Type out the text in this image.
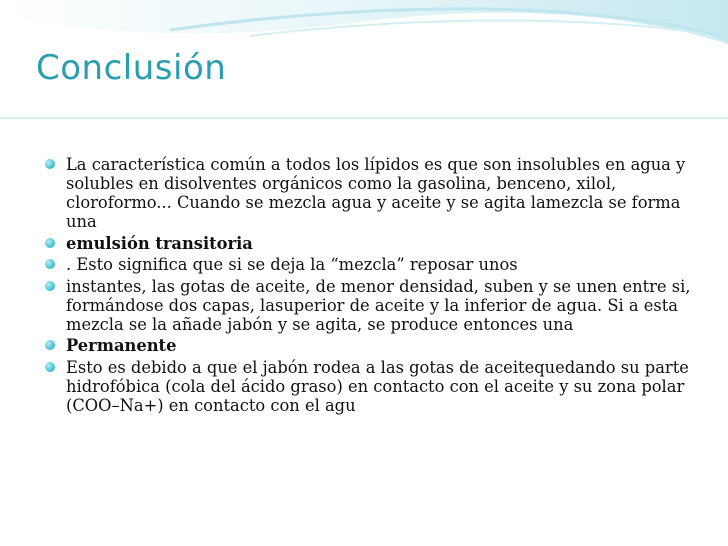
Conclusión
La característica común a todos los lípidos es que son insolubles en agua y solubles en disolventes orgánicos como la gasolina, benceno, xilol, cloroformo... Cuando se mezcla agua y aceite y se agita lamezcla se forma una
emulsión transitoria
. Esto significa que si se deja la “mezcla” reposar unos
instantes, las gotas de aceite, de menor densidad, suben y se unen entre si, formándose dos capas, lasuperior de aceite y la inferior de agua. Si a esta mezcla se la añade jabón y se agita, se produce entonces una
Permanente
Esto es debido a que el jabón rodea a las gotas de aceitequedando su parte hidrofóbica (cola del ácido graso) en contacto con el aceite y su zona polar (COO–Na+) en contacto con el agu
